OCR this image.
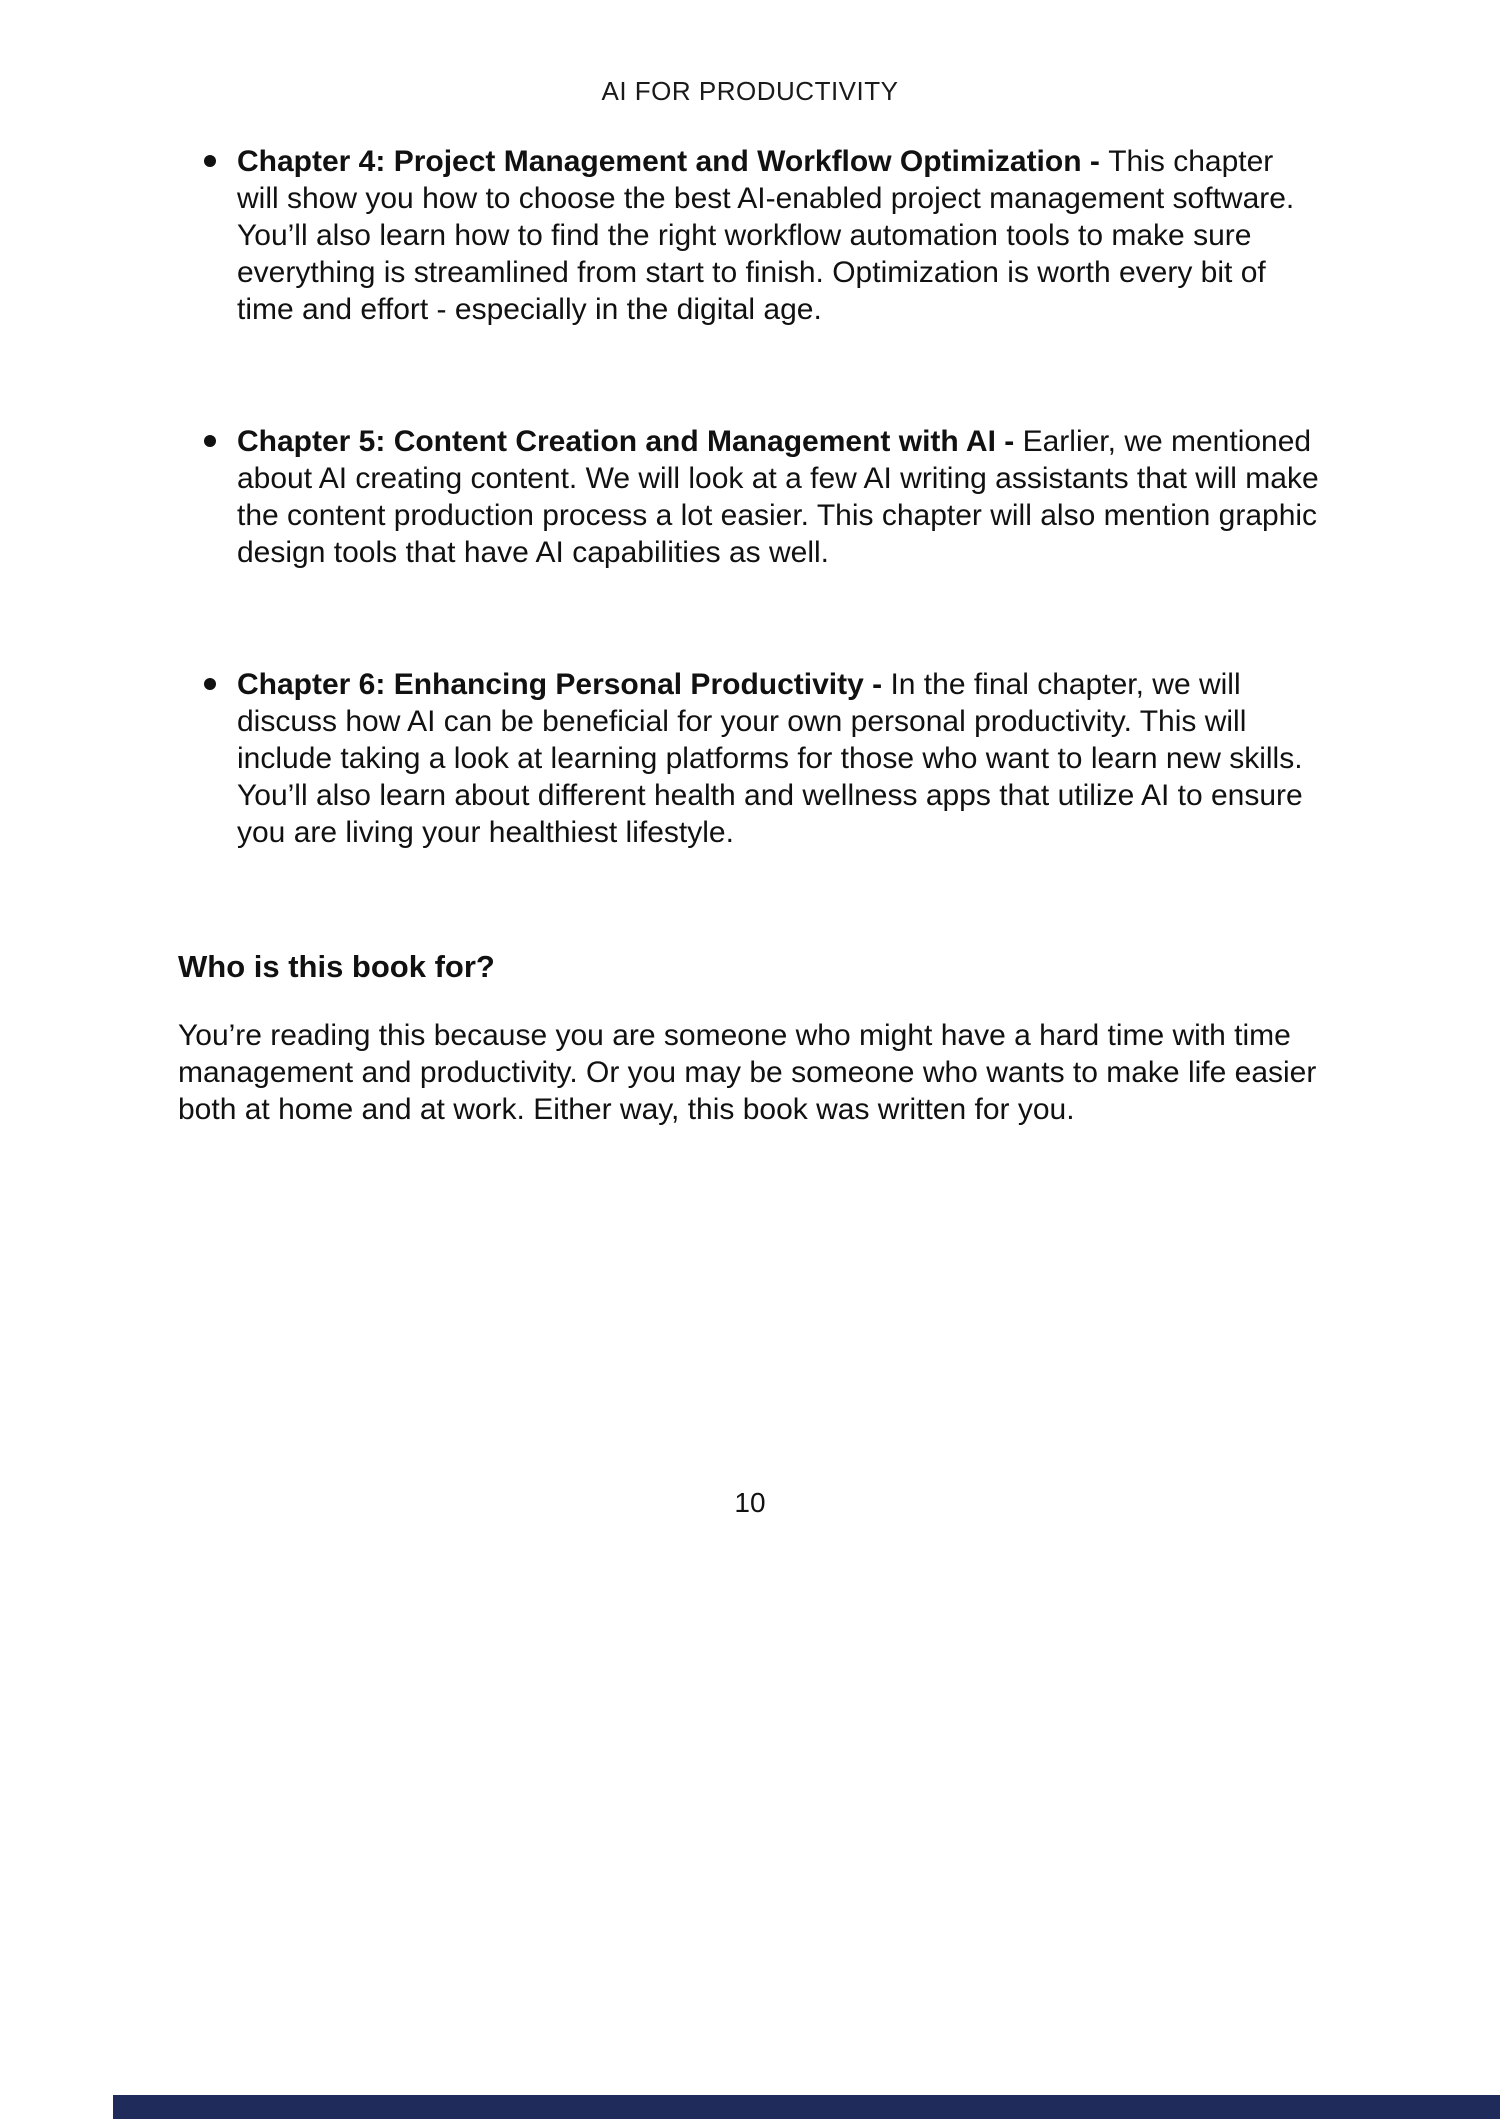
AI FOR PRODUCTIVITY
Chapter 4: Project Management and Workflow Optimization - This chapter will show you how to choose the best AI-enabled project management software. You’ll also learn how to find the right workflow automation tools to make sure everything is streamlined from start to finish. Optimization is worth every bit of time and effort - especially in the digital age.
Chapter 5: Content Creation and Management with AI - Earlier, we mentioned about AI creating content. We will look at a few AI writing assistants that will make the content production process a lot easier. This chapter will also mention graphic design tools that have AI capabilities as well.
Chapter 6: Enhancing Personal Productivity - In the final chapter, we will discuss how AI can be beneficial for your own personal productivity. This will include taking a look at learning platforms for those who want to learn new skills. You’ll also learn about different health and wellness apps that utilize AI to ensure you are living your healthiest lifestyle.
Who is this book for?

You’re reading this because you are someone who might have a hard time with time management and productivity. Or you may be someone who wants to make life easier both at home and at work. Either way, this book was written for you.

10
